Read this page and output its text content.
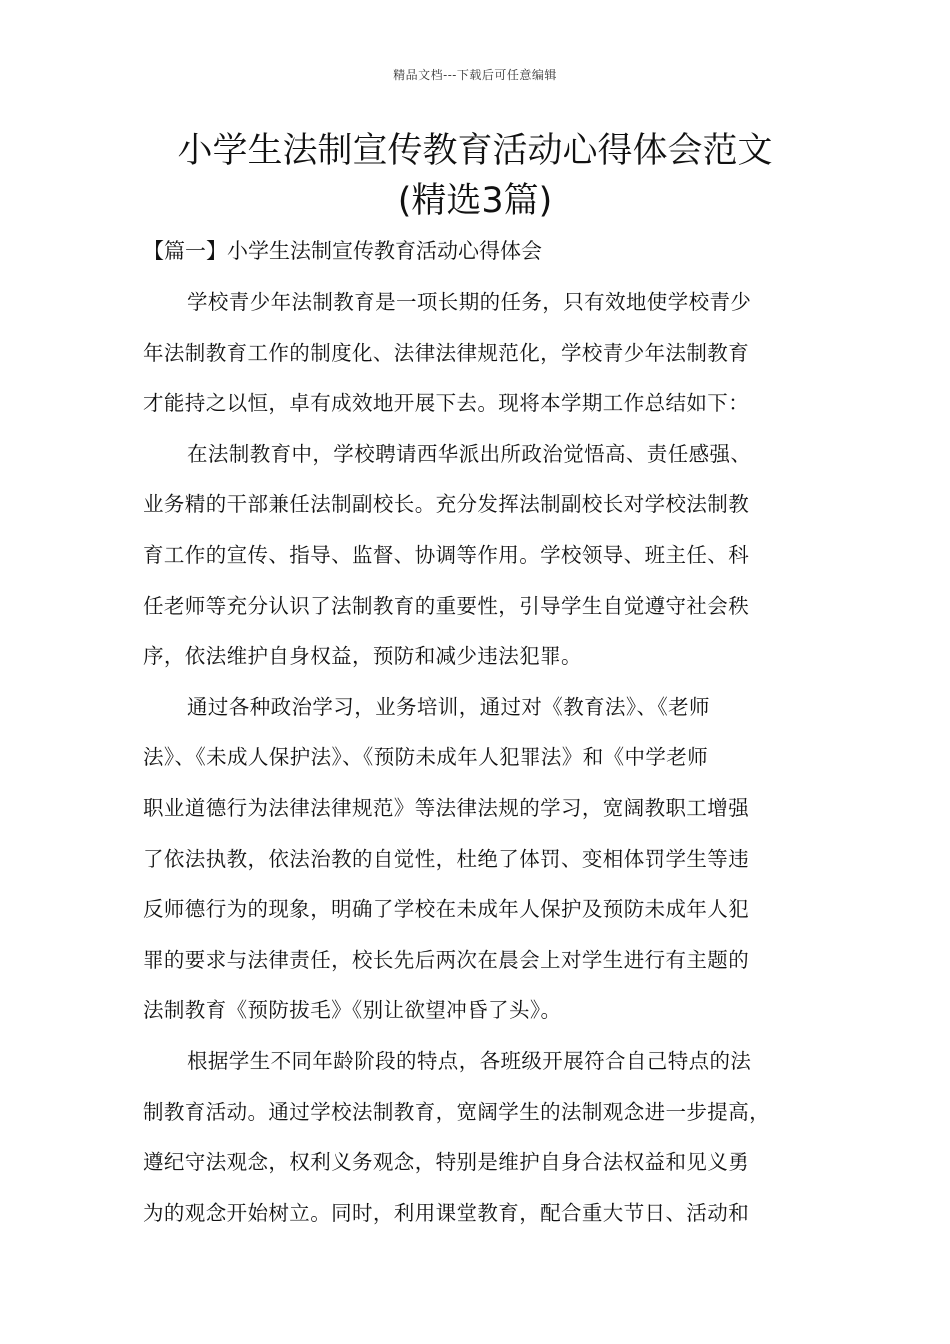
精品文档---下载后可任意编辑
小学生法制宣传教育活动心得体会范文
(精选3篇)
【篇一】小学生法制宣传教育活动心得体会
学校青少年法制教育是一项长期的任务，只有效地使学校青少
年法制教育工作的制度化、法律法律规范化，学校青少年法制教育
才能持之以恒，卓有成效地开展下去。现将本学期工作总结如下：
在法制教育中，学校聘请西华派出所政治觉悟高、责任感强、
业务精的干部兼任法制副校长。充分发挥法制副校长对学校法制教
育工作的宣传、指导、监督、协调等作用。学校领导、班主任、科
任老师等充分认识了法制教育的重要性，引导学生自觉遵守社会秩
序，依法维护自身权益，预防和减少违法犯罪。
通过各种政治学习，业务培训，通过对《教育法》、《老师
法》、《未成人保护法》、《预防未成年人犯罪法》和《中学老师
职业道德行为法律法律规范》等法律法规的学习，宽阔教职工增强
了依法执教，依法治教的自觉性，杜绝了体罚、变相体罚学生等违
反师德行为的现象，明确了学校在未成年人保护及预防未成年人犯
罪的要求与法律责任，校长先后两次在晨会上对学生进行有主题的
法制教育《预防拔毛》《别让欲望冲昏了头》。
根据学生不同年龄阶段的特点，各班级开展符合自己特点的法
制教育活动。通过学校法制教育，宽阔学生的法制观念进一步提高，
遵纪守法观念，权利义务观念，特别是维护自身合法权益和见义勇
为的观念开始树立。同时，利用课堂教育，配合重大节日、活动和
